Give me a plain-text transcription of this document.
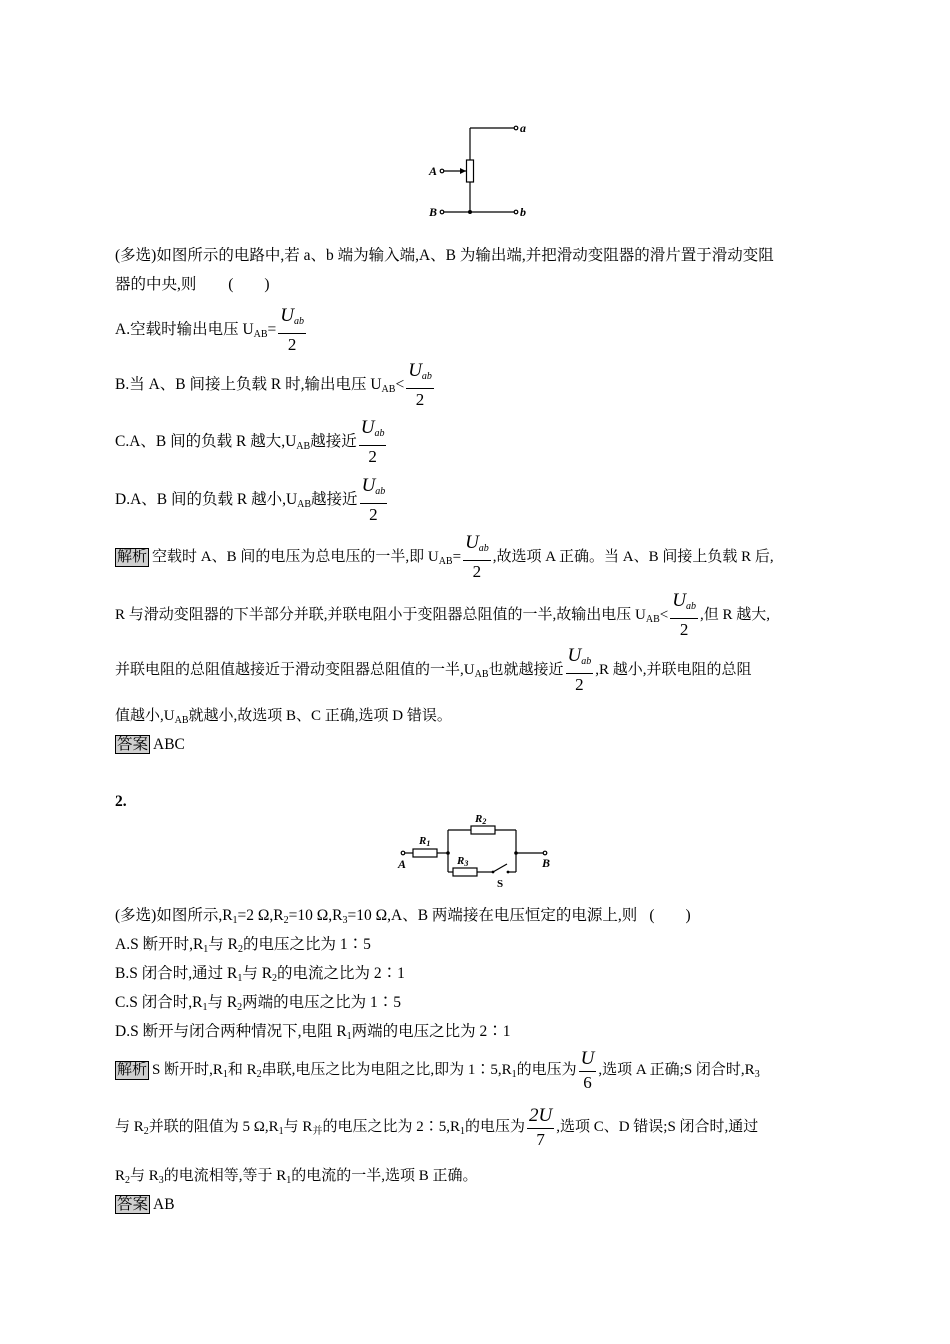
a
b
A
B
(多选)如图所示的电路中,若 a、b 端为输入端,A、B 为输出端,并把滑动变阻器的滑片置于滑动变阻
器的中央,则 (　　)
A.空载时输出电压 $U_{AB}= \frac{\text{Uab}}{2}$
B.当 A、B 间接上负载 R 时,输出电压 $U_{AB}< \frac{\text{Uab}}{2}$
C.A、B 间的负载 R 越大$,U_{AB}$越接近 $\frac{\text{Uab}}{2}$
D.A、B 间的负载 R 越小$,U_{AB}$越接近 $\frac{\text{Uab}}{2}$
解析 空载时 A、B 间的电压为总电压的一半,即 $U_{AB}= \frac{U_{ab}}{2}$ ,故选项 A 正确。当 A、B 间接上负载 R 后,
R 与滑动变阻器的下半部分并联,并联电阻小于变阻器总阻值的一半,故输出电压 $U_{AB}< \frac{U_{ab}}{2}$ ,但 R 越大,
并联电阻的总阻值越接近于滑动变阻器总阻值的一半$,U_{AB}$也就越接近 $\frac{U_{ab}}{2} ,R$ 越小,并联电阻的总阻
值越小$,U_{AB}$就越小,故选项 B、C 正确,选项 D 错误。
答案 ABC
2.
R1
R2
R3
A	B
S
(多选)如图所示$,R_1=2$ $\Omega,R_2=10$ $\Omega,R_3=10$ Ω,A、B 两端接在电压恒定的电源上,则 (　　)
A.S 断开时$,R_1$与 $R_2$的电压之比为 1∶5
B.S 闭合时,通过 $R_1$与 $R_2$的电流之比为 2∶1
C.S 闭合时$,R_1$与 $R_2$两端的电压之比为 1∶5
D.S 断开与闭合两种情况下,电阻 $R_1$两端的电压之比为 2∶1
解析 S 断开时$,R_1$和 $R_2$串联,电压之比为电阻之比,即为 $1∶5,R_1$的电压为 $\frac{U}{6}$ ,选项 A 正确;S 闭合时$,R_3$
与 $R_2$并联的阻值为 5 $\Omega,R_1$与 $R_并$的电压之比为 $2∶5,R_1$的电压为 $\frac{2U}{7}$ ,选项 C、D 错误;S 闭合时,通过
$R_2$与 $R_3$的电流相等,等于 $R_1$的电流的一半,选项 B 正确。
答案 AB
